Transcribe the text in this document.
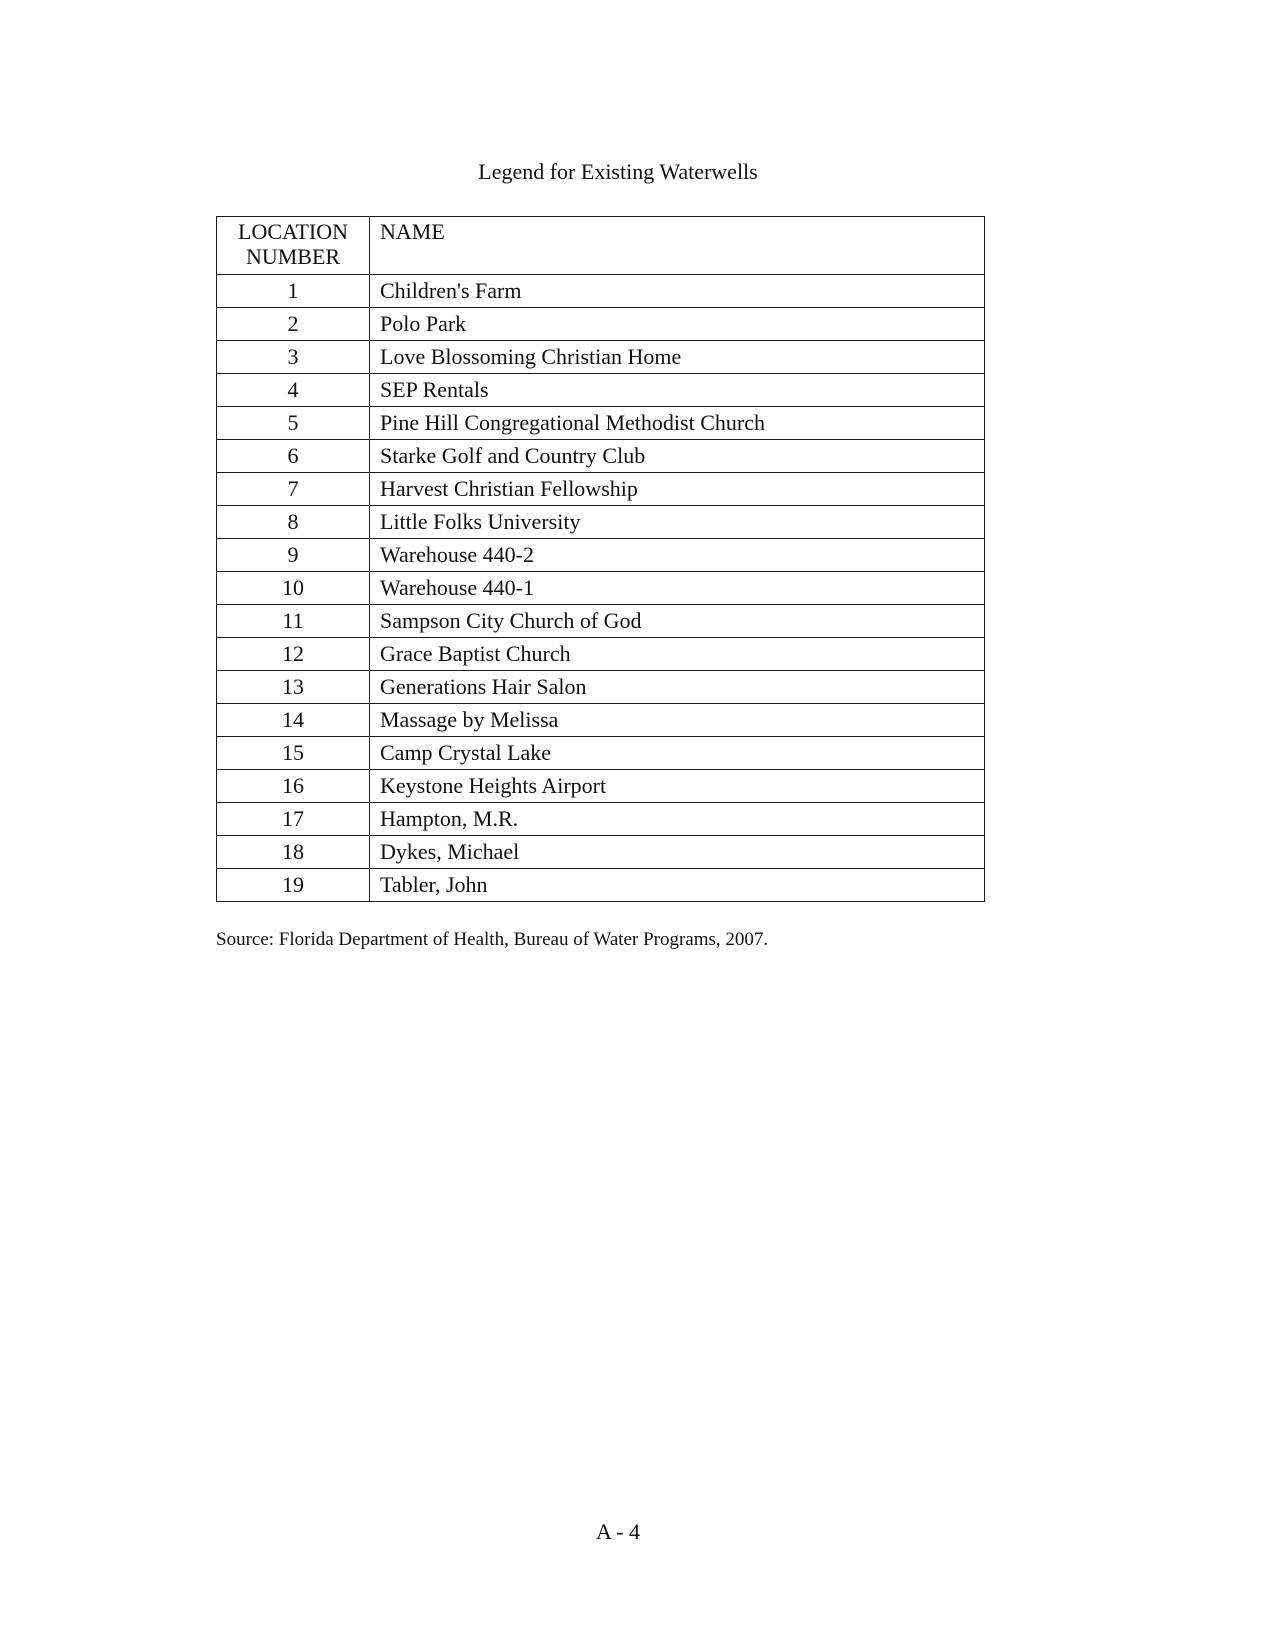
Legend for Existing Waterwells
LOCATION
NUMBER	NAME
1	Children's Farm
2	Polo Park
3	Love Blossoming Christian Home
4	SEP Rentals
5	Pine Hill Congregational Methodist Church
6	Starke Golf and Country Club
7	Harvest Christian Fellowship
8	Little Folks University
9	Warehouse 440-2
10	Warehouse 440-1
11	Sampson City Church of God
12	Grace Baptist Church
13	Generations Hair Salon
14	Massage by Melissa
15	Camp Crystal Lake
16	Keystone Heights Airport
17	Hampton, M.R.
18	Dykes, Michael
19	Tabler, John
Source: Florida Department of Health, Bureau of Water Programs, 2007.
A - 4
